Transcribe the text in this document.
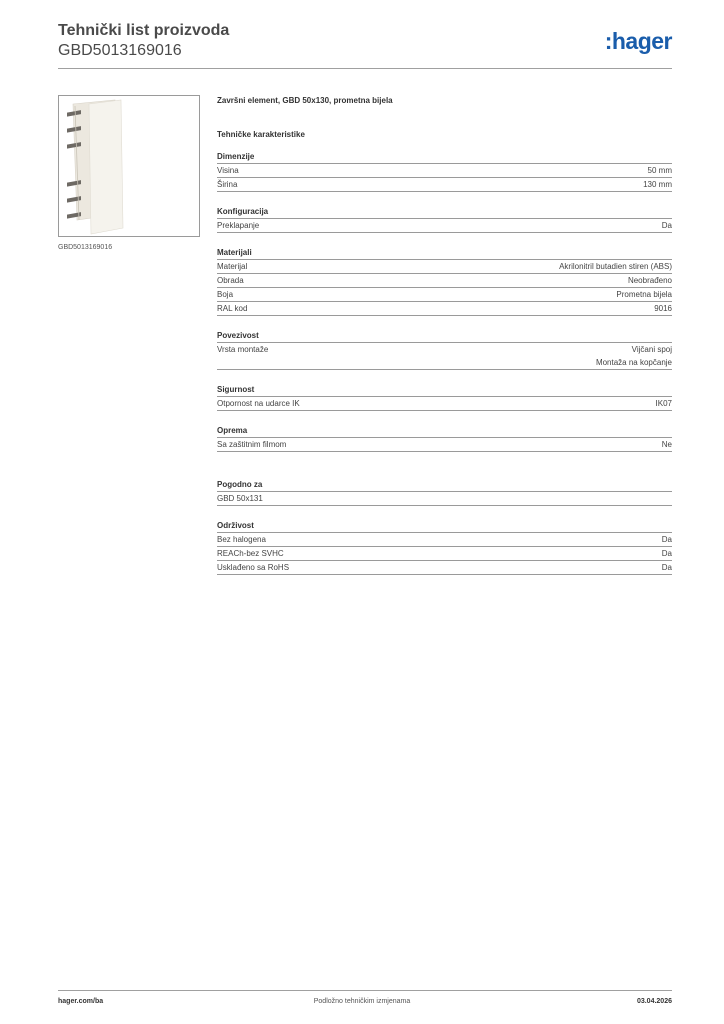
Tehnički list proizvoda
GBD5013169016	:hager
GBD5013169016
Završni element, GBD 50x130, prometna bijela
Tehničke karakteristike
Dimenzije
Visina	50 mm
Širina	130 mm
Konfiguracija
Preklapanje	Da
Materijali
Materijal	Akrilonitril butadien stiren (ABS)
Obrada	Neobrađeno
Boja	Prometna bijela
RAL kod	9016
Povezivost
Vrsta montaže	Vijčani spoj
Montaža na kopčanje
Sigurnost
Otpornost na udarce IK	IK07
Oprema
Sa zaštitnim filmom	Ne
Pogodno za
GBD 50x131
Održivost
Bez halogena	Da
REACh-bez SVHC	Da
Usklađeno sa RoHS	Da
hager.com/ba	Podložno tehničkim izmjenama	03.04.2026
